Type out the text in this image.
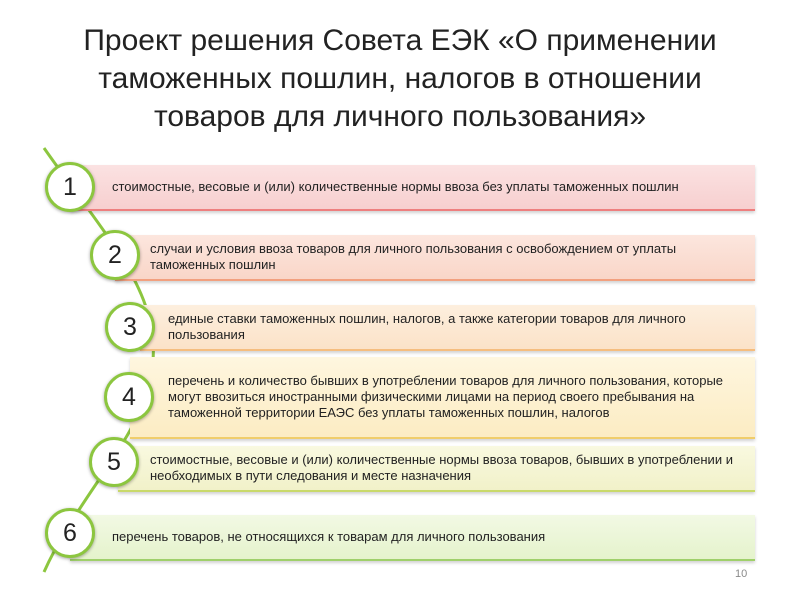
Проект решения Совета ЕЭК «О применении таможенных пошлин, налогов в отношении товаров для личного пользования»
стоимостные, весовые и (или) количественные нормы ввоза без уплаты таможенных пошлин
случаи и условия ввоза товаров для личного пользования с освобождением от уплаты таможенных пошлин
единые ставки таможенных пошлин, налогов, а также категории товаров для личного пользования
перечень и количество бывших в употреблении товаров для личного пользования, которые могут ввозиться иностранными физическими лицами на период своего пребывания на таможенной территории ЕАЭС без уплаты таможенных пошлин, налогов
стоимостные, весовые и (или) количественные нормы ввоза товаров, бывших в употреблении и необходимых в пути следования и месте назначения
перечень товаров, не относящихся к товарам для личного пользования
1
2
3
4
5
6
10
